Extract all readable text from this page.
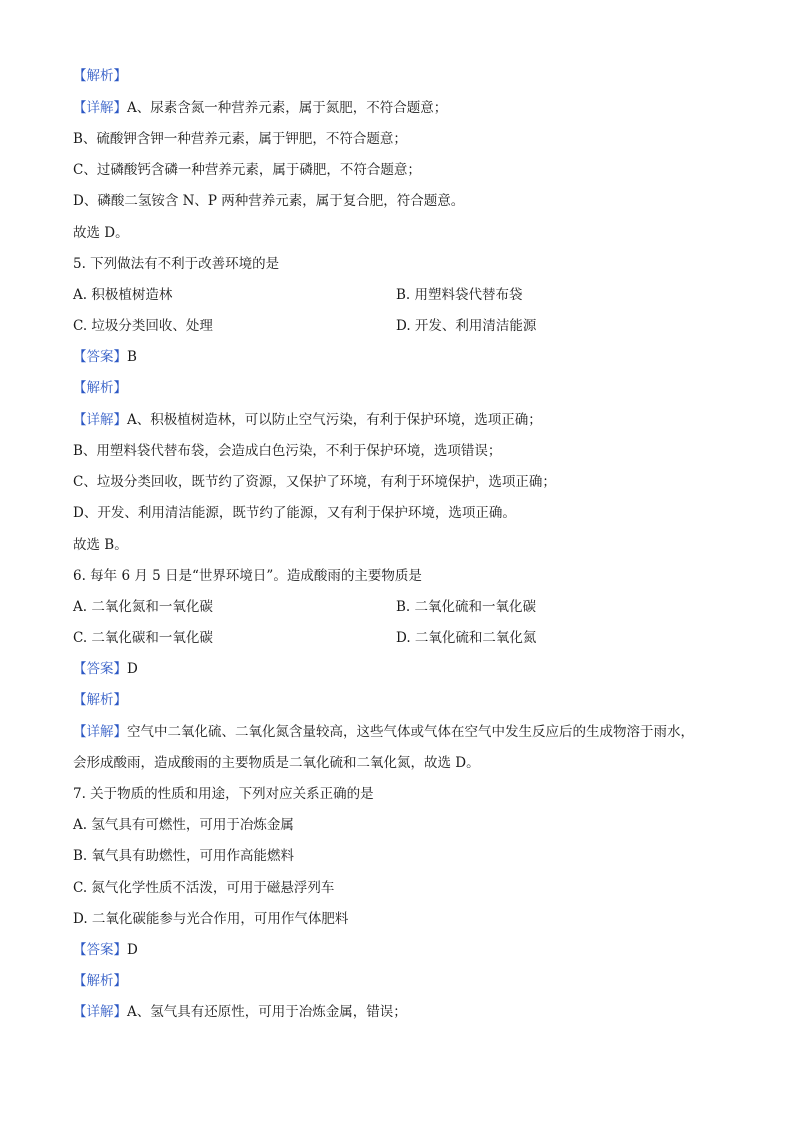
【解析】
【详解】A、尿素含氮一种营养元素，属于氮肥，不符合题意；
B、硫酸钾含钾一种营养元素，属于钾肥，不符合题意；
C、过磷酸钙含磷一种营养元素，属于磷肥，不符合题意；
D、磷酸二氢铵含 N、P 两种营养元素，属于复合肥，符合题意。
故选 D。
5. 下列做法有不利于改善环境的是
A. 积极植树造林	B. 用塑料袋代替布袋
C. 垃圾分类回收、处理	D. 开发、利用清洁能源
【答案】B
【解析】
【详解】A、积极植树造林，可以防止空气污染，有利于保护环境，选项正确；
B、用塑料袋代替布袋，会造成白色污染，不利于保护环境，选项错误；
C、垃圾分类回收，既节约了资源，又保护了环境，有利于环境保护，选项正确；
D、开发、利用清洁能源，既节约了能源，又有利于保护环境，选项正确。
故选 B。
6. 每年 6 月 5 日是“世界环境日”。造成酸雨的主要物质是
A. 二氧化氮和一氧化碳	B. 二氧化硫和一氧化碳
C. 二氧化碳和一氧化碳	D. 二氧化硫和二氧化氮
【答案】D
【解析】
【详解】空气中二氧化硫、二氧化氮含量较高，这些气体或气体在空气中发生反应后的生成物溶于雨水，
会形成酸雨，造成酸雨的主要物质是二氧化硫和二氧化氮，故选 D。
7. 关于物质的性质和用途，下列对应关系正确的是
A. 氢气具有可燃性，可用于冶炼金属
B. 氧气具有助燃性，可用作高能燃料
C. 氮气化学性质不活泼，可用于磁悬浮列车
D. 二氧化碳能参与光合作用，可用作气体肥料
【答案】D
【解析】
【详解】A、氢气具有还原性，可用于冶炼金属，错误；
